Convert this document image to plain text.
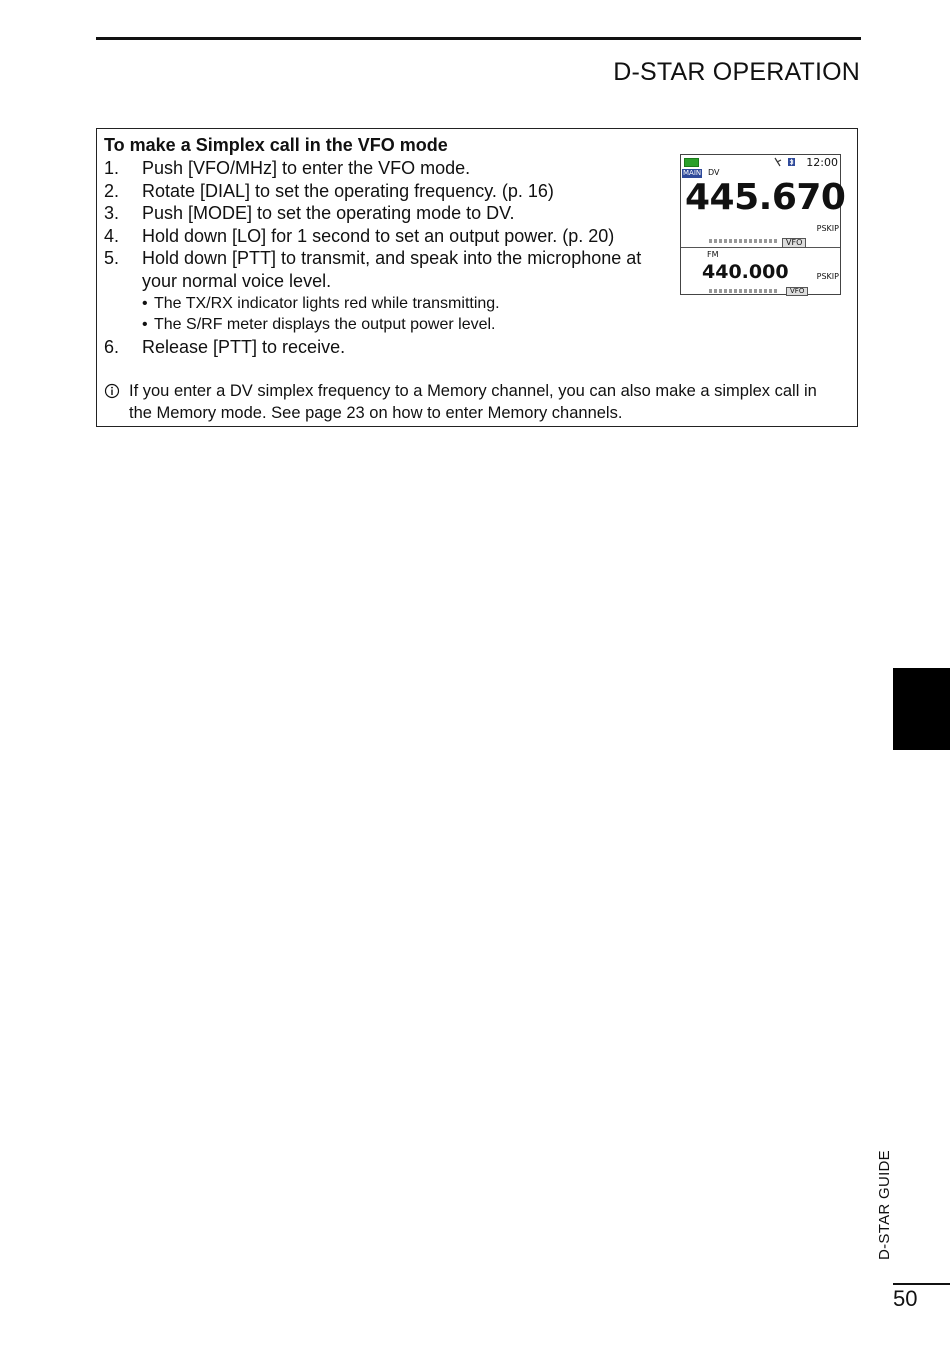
D-STAR OPERATION
To make a Simplex call in the VFO mode
1.	Push [VFO/MHz] to enter the VFO mode.
2.	Rotate [DIAL] to set the operating frequency. (p. 16)
3.	Push [MODE] to set the operating mode to DV.
4.	Hold down [LO] for 1 second to set an output power. (p. 20)
5.	Hold down [PTT] to transmit, and speak into the microphone at your normal voice level.
• The TX/RX indicator lights red while transmitting.
• The S/RF meter displays the output power level.
6.	Release [PTT] to receive.
12:00
MAIN DV
445.670
PSKIP
VFO
FM
440.000	PSKIP
VFO
If you enter a DV simplex frequency to a Memory channel, you can also make a simplex call in the Memory mode. See page 23 on how to enter Memory channels.
D-STAR GUIDE
50
